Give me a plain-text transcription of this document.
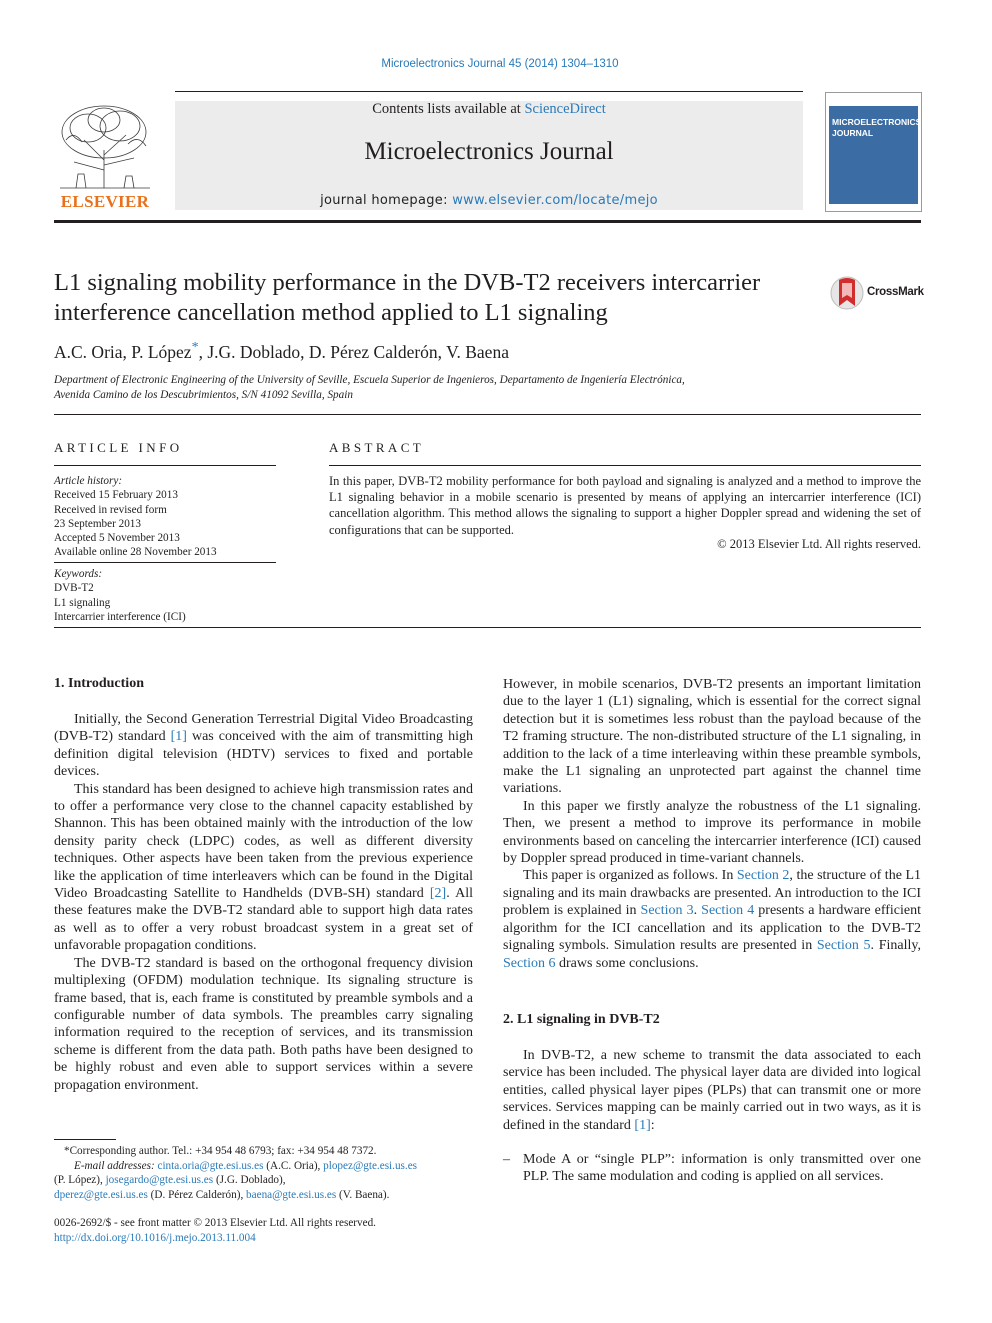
Microelectronics Journal 45 (2014) 1304–1310
ELSEVIER
Contents lists available at ScienceDirect
Microelectronics Journal
journal homepage: www.elsevier.com/locate/mejo
MICROELECTRONICS
JOURNAL
L1 signaling mobility performance in the DVB-T2 receivers intercarrier interference cancellation method applied to L1 signaling
CrossMark
A.C. Oria, P. López*, J.G. Doblado, D. Pérez Calderón, V. Baena
Department of Electronic Engineering of the University of Seville, Escuela Superior de Ingenieros, Departamento de Ingeniería Electrónica,
Avenida Camino de los Descubrimientos, S/N 41092 Sevilla, Spain
ARTICLE INFO	ABSTRACT
Article history:
Received 15 February 2013
Received in revised form
23 September 2013
Accepted 5 November 2013
Available online 28 November 2013
Keywords:
DVB-T2
L1 signaling
Intercarrier interference (ICI)
In this paper, DVB-T2 mobility performance for both payload and signaling is analyzed and a method to improve the L1 signaling behavior in a mobile scenario is presented by means of applying an intercarrier interference (ICI) cancellation algorithm. This method allows the signaling to support a higher Doppler spread and widening the set of configurations that can be supported.
© 2013 Elsevier Ltd. All rights reserved.
1. Introduction

Initially, the Second Generation Terrestrial Digital Video Broadcasting (DVB-T2) standard [1] was conceived with the aim of transmitting high definition digital television (HDTV) services to fixed and portable devices.

This standard has been designed to achieve high transmission rates and to offer a performance very close to the channel capacity established by Shannon. This has been obtained mainly with the introduction of the low density parity check (LDPC) codes, as well as different diversity techniques. Other aspects have been taken from the previous experience like the application of time interleavers which can be found in the Digital Video Broadcasting Satellite to Handhelds (DVB-SH) standard [2]. All these features make the DVB-T2 standard able to support high data rates as well as to offer a very robust broadcast system in a great set of unfavorable propagation conditions.

The DVB-T2 standard is based on the orthogonal frequency division multiplexing (OFDM) modulation technique. Its signaling structure is frame based, that is, each frame is constituted by preamble symbols and a configurable number of data symbols. The preambles carry signaling information required to the reception of services, and its transmission scheme is different from the data path. Both paths have been designed to be highly robust and even able to support services within a severe propagation environment.

*Corresponding author. Tel.: +34 954 48 6793; fax: +34 954 48 7372.
E-mail addresses: cinta.oria@gte.esi.us.es (A.C. Oria), plopez@gte.esi.us.es
(P. López), josegardo@gte.esi.us.es (J.G. Doblado),
dperez@gte.esi.us.es (D. Pérez Calderón), baena@gte.esi.us.es (V. Baena).
0026-2692/$ - see front matter © 2013 Elsevier Ltd. All rights reserved.
http://dx.doi.org/10.1016/j.mejo.2013.11.004

However, in mobile scenarios, DVB-T2 presents an important limitation due to the layer 1 (L1) signaling, which is essential for the correct signal detection but it is sometimes less robust than the payload because of the T2 framing structure. The non-distributed structure of the L1 signaling, in addition to the lack of a time interleaving within these preamble symbols, make the L1 signaling an unprotected part against the channel time variations.

In this paper we firstly analyze the robustness of the L1 signaling. Then, we present a method to improve its performance in mobile environments based on canceling the intercarrier interference (ICI) caused by Doppler spread produced in time-variant channels.

This paper is organized as follows. In Section 2, the structure of the L1 signaling and its main drawbacks are presented. An introduction to the ICI problem is explained in Section 3. Section 4 presents a hardware efficient algorithm for the ICI cancellation and its application to the DVB-T2 signaling symbols. Simulation results are presented in Section 5. Finally, Section 6 draws some conclusions.

2. L1 signaling in DVB-T2

In DVB-T2, a new scheme to transmit the data associated to each service has been included. The physical layer data are divided into logical entities, called physical layer pipes (PLPs) that can transmit one or more services. Services mapping can be mainly carried out in two ways, as it is defined in the standard [1]:

– Mode A or “single PLP”: information is only transmitted over one PLP. The same modulation and coding is applied on all services.
